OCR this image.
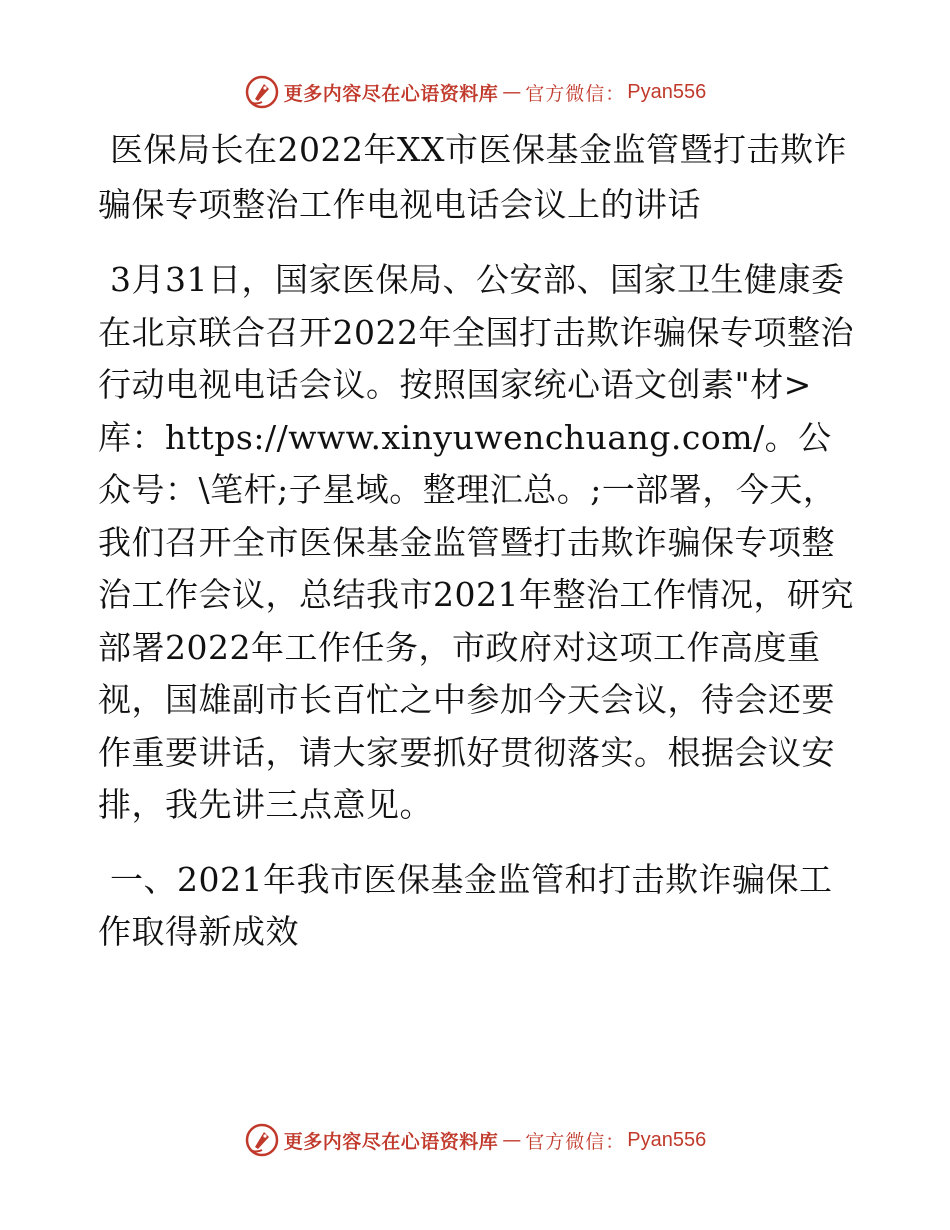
更多内容尽在心语资料库 — 官方微信： Pyan556
医保局长在2022年XX市医保基金监管暨打击欺诈骗保专项整治工作电视电话会议上的讲话

3月31日，国家医保局、公安部、国家卫生健康委在北京联合召开2022年全国打击欺诈骗保专项整治行动电视电话会议。按照国家统心语文创素"材>库：https://www.xinyuwenchuang.com/。公众号：\笔杆;子星域。整理汇总。;一部署，今天，我们召开全市医保基金监管暨打击欺诈骗保专项整治工作会议，总结我市2021年整治工作情况，研究部署2022年工作任务，市政府对这项工作高度重视，国雄副市长百忙之中参加今天会议，待会还要作重要讲话，请大家要抓好贯彻落实。根据会议安排，我先讲三点意见。

一、2021年我市医保基金监管和打击欺诈骗保工作取得新成效

更多内容尽在心语资料库 — 官方微信： Pyan556
